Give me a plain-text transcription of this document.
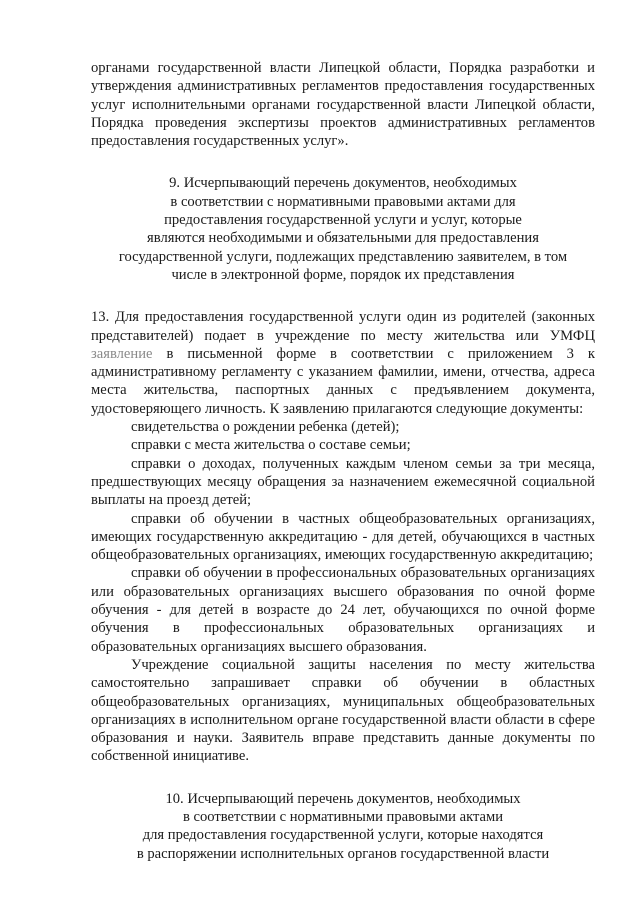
органами государственной власти Липецкой области, Порядка разработки и утверждения административных регламентов предоставления государственных услуг исполнительными органами государственной власти Липецкой области, Порядка проведения экспертизы проектов административных регламентов предоставления государственных услуг».

9. Исчерпывающий перечень документов, необходимых
в соответствии с нормативными правовыми актами для
предоставления государственной услуги и услуг, которые
являются необходимыми и обязательными для предоставления
государственной услуги, подлежащих представлению заявителем, в том
числе в электронной форме, порядок их представления

13. Для предоставления государственной услуги один из родителей (законных представителей) подает в учреждение по месту жительства или УМФЦ заявление в письменной форме в соответствии с приложением 3 к административному регламенту с указанием фамилии, имени, отчества, адреса места жительства, паспортных данных с предъявлением документа, удостоверяющего личность. К заявлению прилагаются следующие документы:

свидетельства о рождении ребенка (детей);

справки с места жительства о составе семьи;

справки о доходах, полученных каждым членом семьи за три месяца, предшествующих месяцу обращения за назначением ежемесячной социальной выплаты на проезд детей;

справки об обучении в частных общеобразовательных организациях, имеющих государственную аккредитацию - для детей, обучающихся в частных общеобразовательных организациях, имеющих государственную аккредитацию;

справки об обучении в профессиональных образовательных организациях или образовательных организациях высшего образования по очной форме обучения - для детей в возрасте до 24 лет, обучающихся по очной форме обучения в профессиональных образовательных организациях и образовательных организациях высшего образования.

Учреждение социальной защиты населения по месту жительства самостоятельно запрашивает справки об обучении в областных общеобразовательных организациях, муниципальных общеобразовательных организациях в исполнительном органе государственной власти области в сфере образования и науки. Заявитель вправе представить данные документы по собственной инициативе.

10. Исчерпывающий перечень документов, необходимых
в соответствии с нормативными правовыми актами
для предоставления государственной услуги, которые находятся
в распоряжении исполнительных органов государственной власти
